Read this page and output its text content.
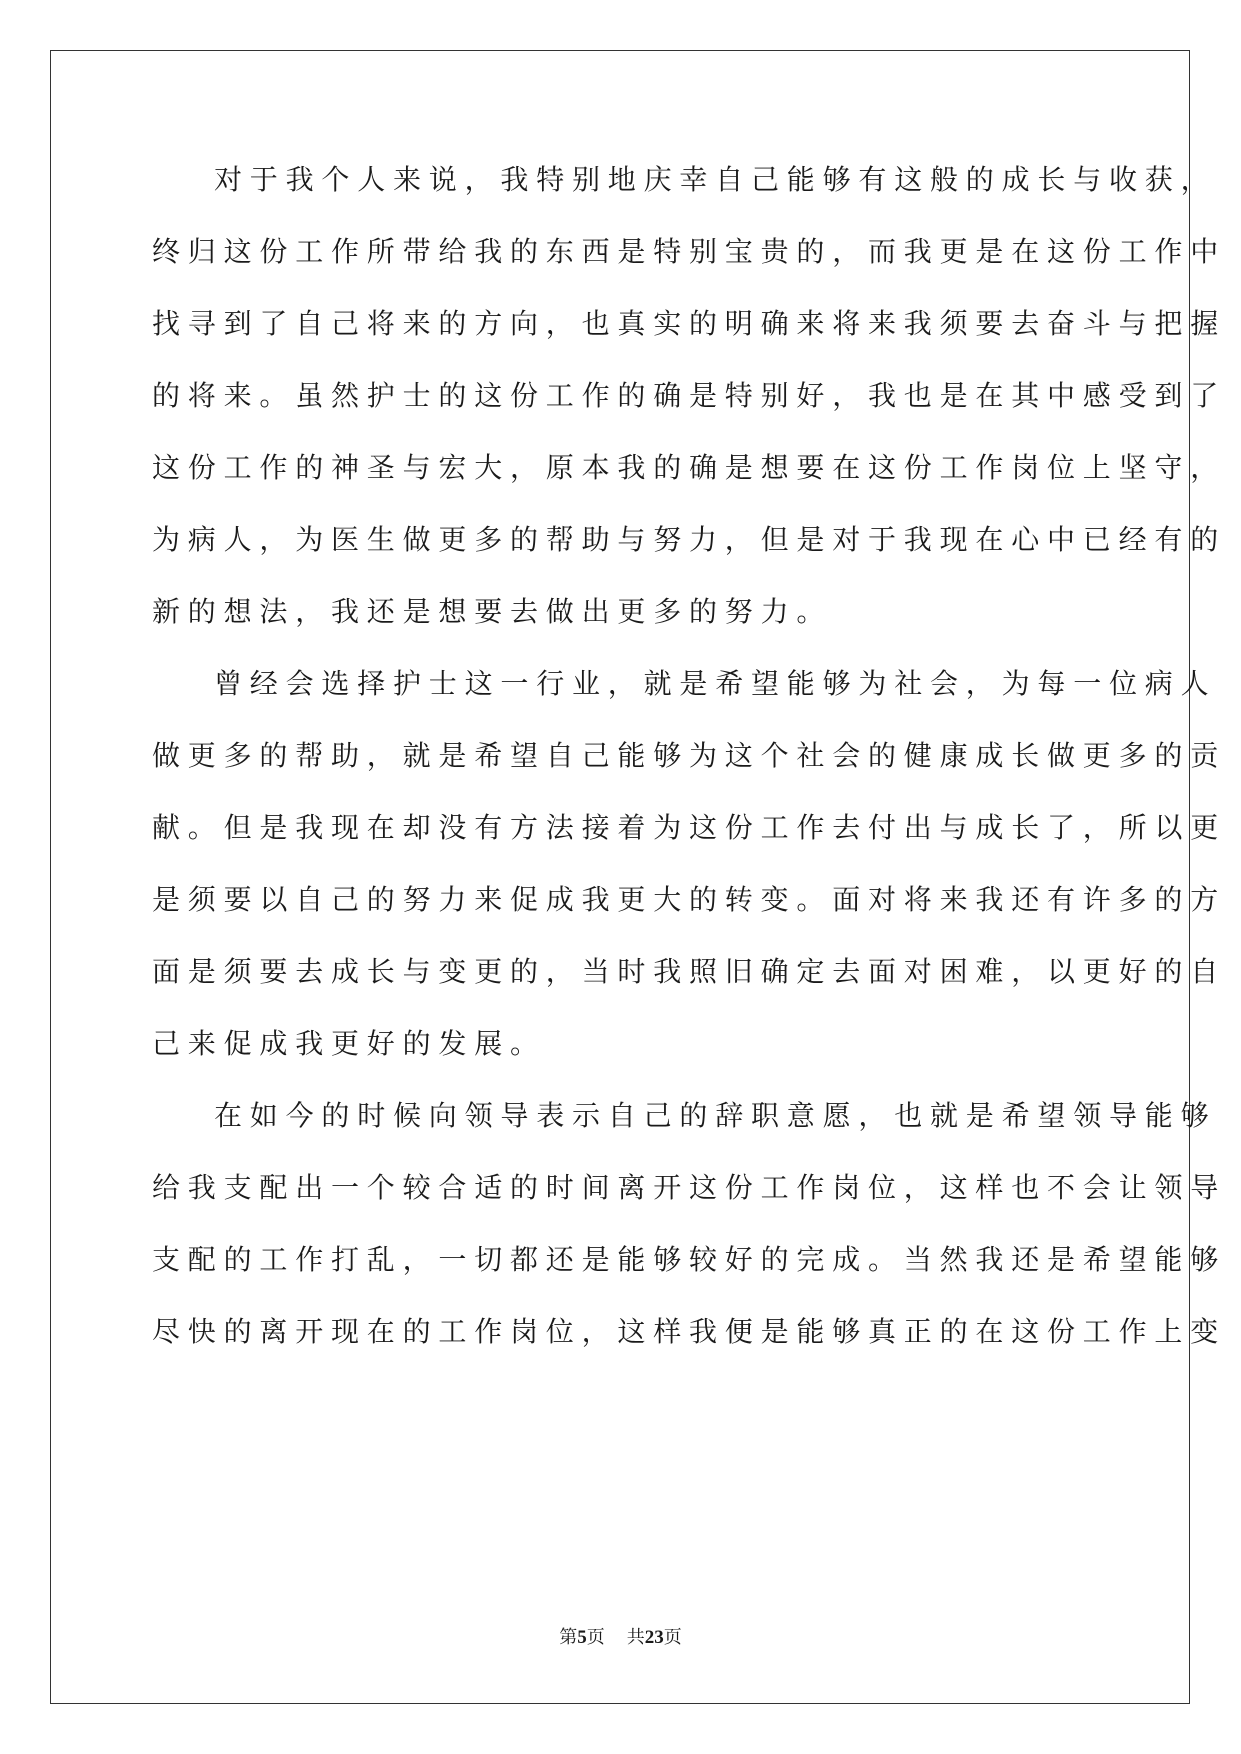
对于我个人来说，我特别地庆幸自己能够有这般的成长与收获，
终归这份工作所带给我的东西是特别宝贵的，而我更是在这份工作中
找寻到了自己将来的方向，也真实的明确来将来我须要去奋斗与把握
的将来。虽然护士的这份工作的确是特别好，我也是在其中感受到了
这份工作的神圣与宏大，原本我的确是想要在这份工作岗位上坚守，
为病人，为医生做更多的帮助与努力，但是对于我现在心中已经有的
新的想法，我还是想要去做出更多的努力。
曾经会选择护士这一行业，就是希望能够为社会，为每一位病人
做更多的帮助，就是希望自己能够为这个社会的健康成长做更多的贡
献。但是我现在却没有方法接着为这份工作去付出与成长了，所以更
是须要以自己的努力来促成我更大的转变。面对将来我还有许多的方
面是须要去成长与变更的，当时我照旧确定去面对困难，以更好的自
己来促成我更好的发展。
在如今的时候向领导表示自己的辞职意愿，也就是希望领导能够
给我支配出一个较合适的时间离开这份工作岗位，这样也不会让领导
支配的工作打乱，一切都还是能够较好的完成。当然我还是希望能够
尽快的离开现在的工作岗位，这样我便是能够真正的在这份工作上变
第5页 共23页
